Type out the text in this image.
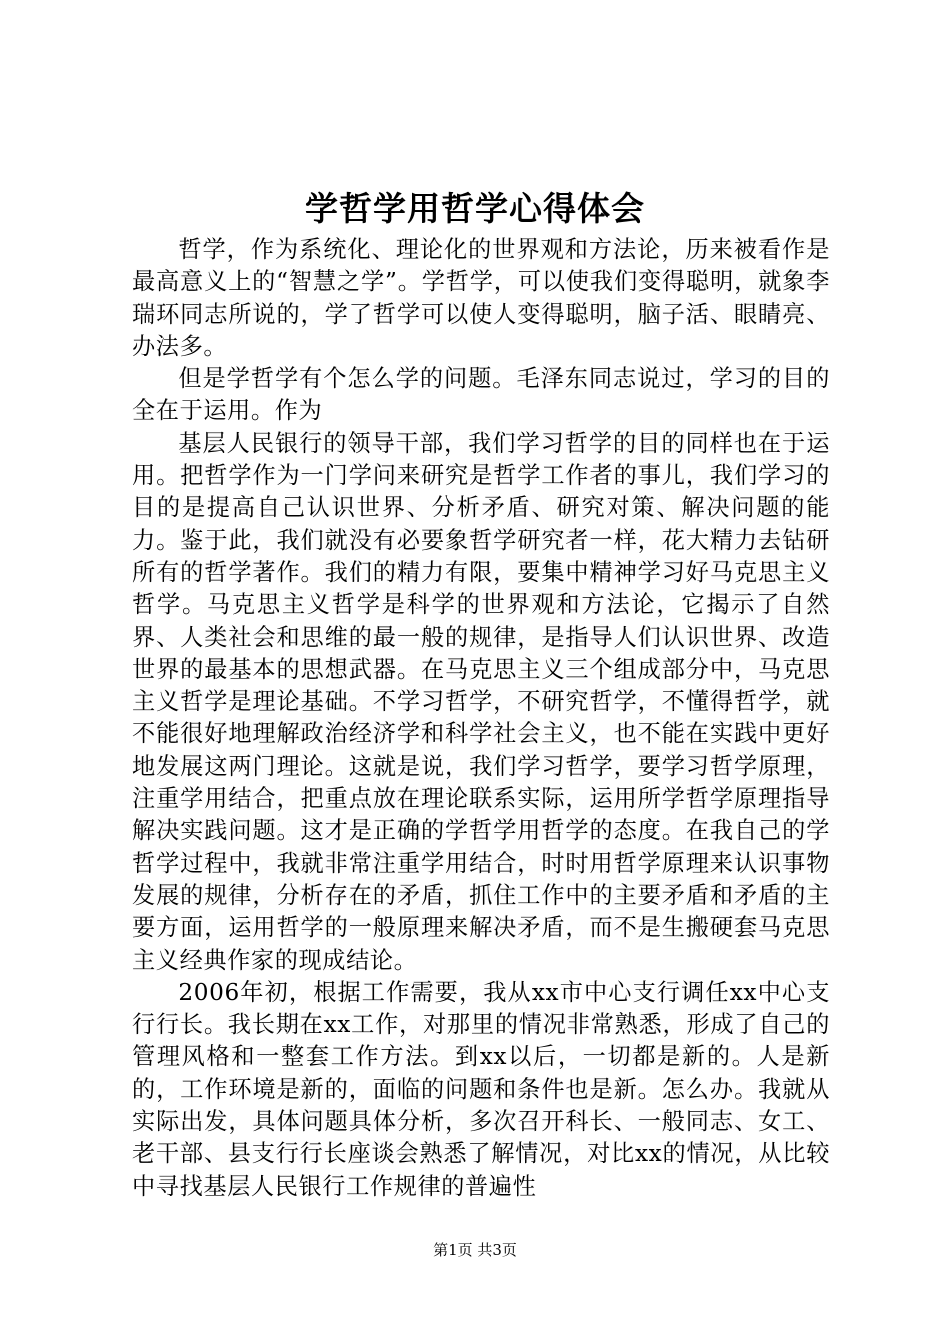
学哲学用哲学心得体会

哲学，作为系统化、理论化的世界观和方法论，历来被看作是最高意义上的“智慧之学”。学哲学，可以使我们变得聪明，就象李瑞环同志所说的，学了哲学可以使人变得聪明，脑子活、眼睛亮、办法多。

但是学哲学有个怎么学的问题。毛泽东同志说过，学习的目的全在于运用。作为

基层人民银行的领导干部，我们学习哲学的目的同样也在于运用。把哲学作为一门学问来研究是哲学工作者的事儿，我们学习的目的是提高自己认识世界、分析矛盾、研究对策、解决问题的能力。鉴于此，我们就没有必要象哲学研究者一样，花大精力去钻研所有的哲学著作。我们的精力有限，要集中精神学习好马克思主义哲学。马克思主义哲学是科学的世界观和方法论，它揭示了自然界、人类社会和思维的最一般的规律，是指导人们认识世界、改造世界的最基本的思想武器。在马克思主义三个组成部分中，马克思主义哲学是理论基础。不学习哲学，不研究哲学，不懂得哲学，就不能很好地理解政治经济学和科学社会主义，也不能在实践中更好地发展这两门理论。这就是说，我们学习哲学，要学习哲学原理，注重学用结合，把重点放在理论联系实际，运用所学哲学原理指导解决实践问题。这才是正确的学哲学用哲学的态度。在我自己的学哲学过程中，我就非常注重学用结合，时时用哲学原理来认识事物发展的规律，分析存在的矛盾，抓住工作中的主要矛盾和矛盾的主要方面，运用哲学的一般原理来解决矛盾，而不是生搬硬套马克思主义经典作家的现成结论。

2006年初，根据工作需要，我从xx市中心支行调任xx中心支行行长。我长期在xx工作，对那里的情况非常熟悉，形成了自己的管理风格和一整套工作方法。到xx以后，一切都是新的。人是新的，工作环境是新的，面临的问题和条件也是新。怎么办。我就从实际出发，具体问题具体分析，多次召开科长、一般同志、女工、老干部、县支行行长座谈会熟悉了解情况，对比xx的情况，从比较中寻找基层人民银行工作规律的普遍性

第1页 共3页
